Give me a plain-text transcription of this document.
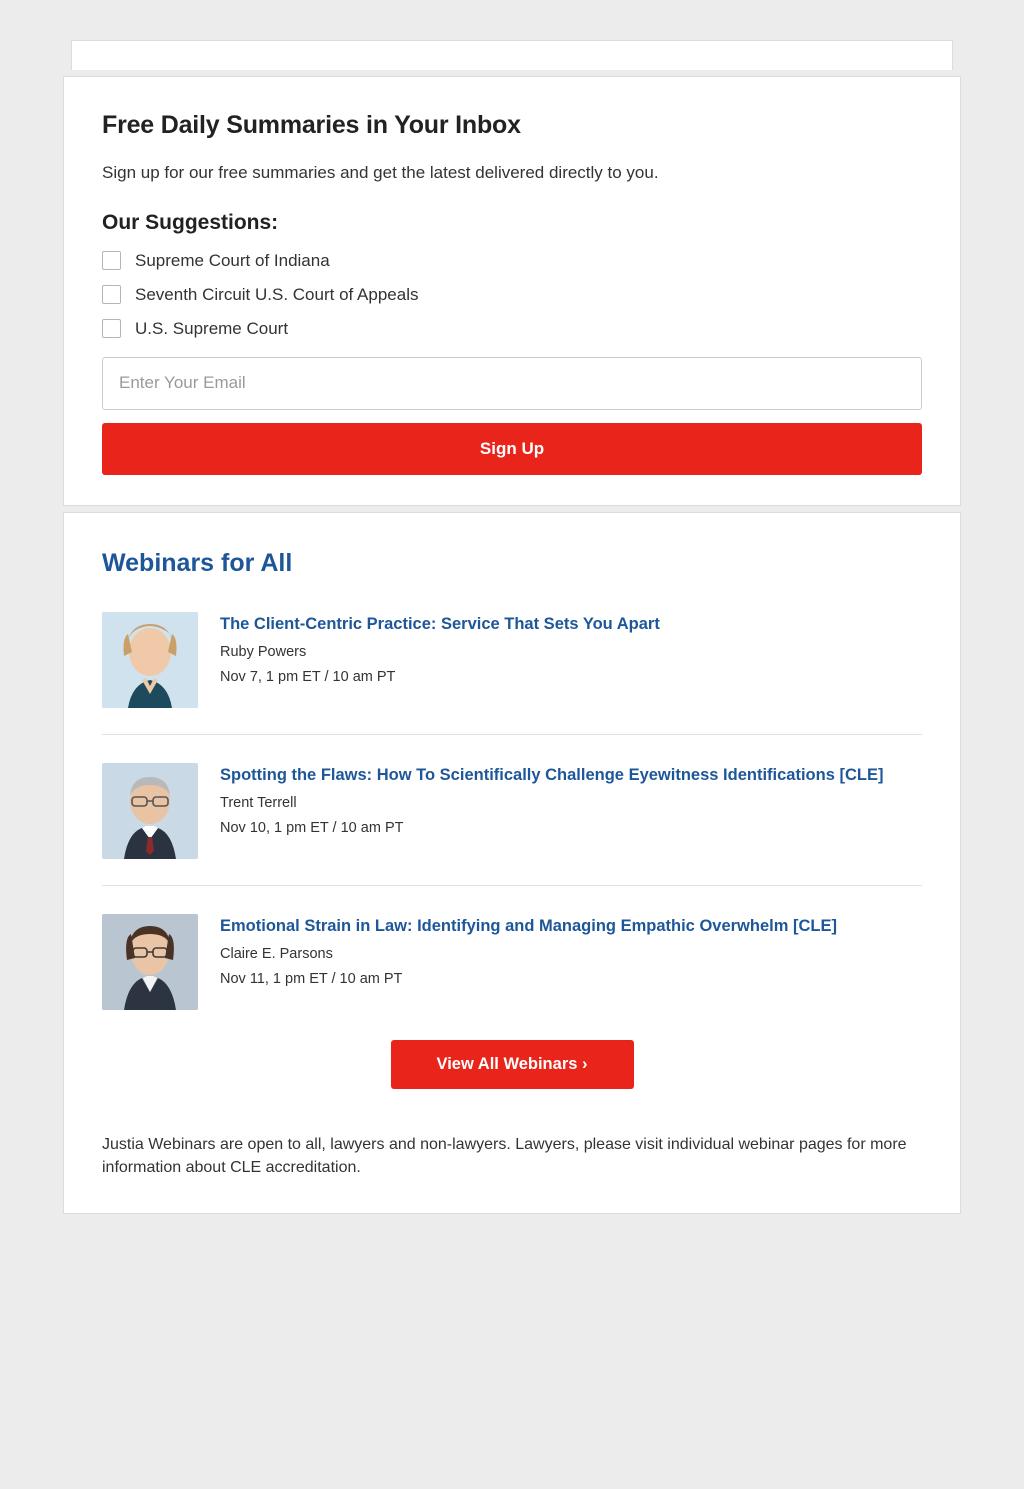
Free Daily Summaries in Your Inbox

Sign up for our free summaries and get the latest delivered directly to you.

Our Suggestions:
Supreme Court of Indiana
Seventh Circuit U.S. Court of Appeals
U.S. Supreme Court
Enter Your Email
Sign Up
Webinars for All

The Client-Centric Practice: Service That Sets You Apart

Ruby Powers

Nov 7, 1 pm ET / 10 am PT

Spotting the Flaws: How To Scientifically Challenge Eyewitness Identifications [CLE]

Trent Terrell

Nov 10, 1 pm ET / 10 am PT

Emotional Strain in Law: Identifying and Managing Empathic Overwhelm [CLE]

Claire E. Parsons

Nov 11, 1 pm ET / 10 am PT

View All Webinars ›

Justia Webinars are open to all, lawyers and non-lawyers. Lawyers, please visit individual webinar pages for more information about CLE accreditation.
